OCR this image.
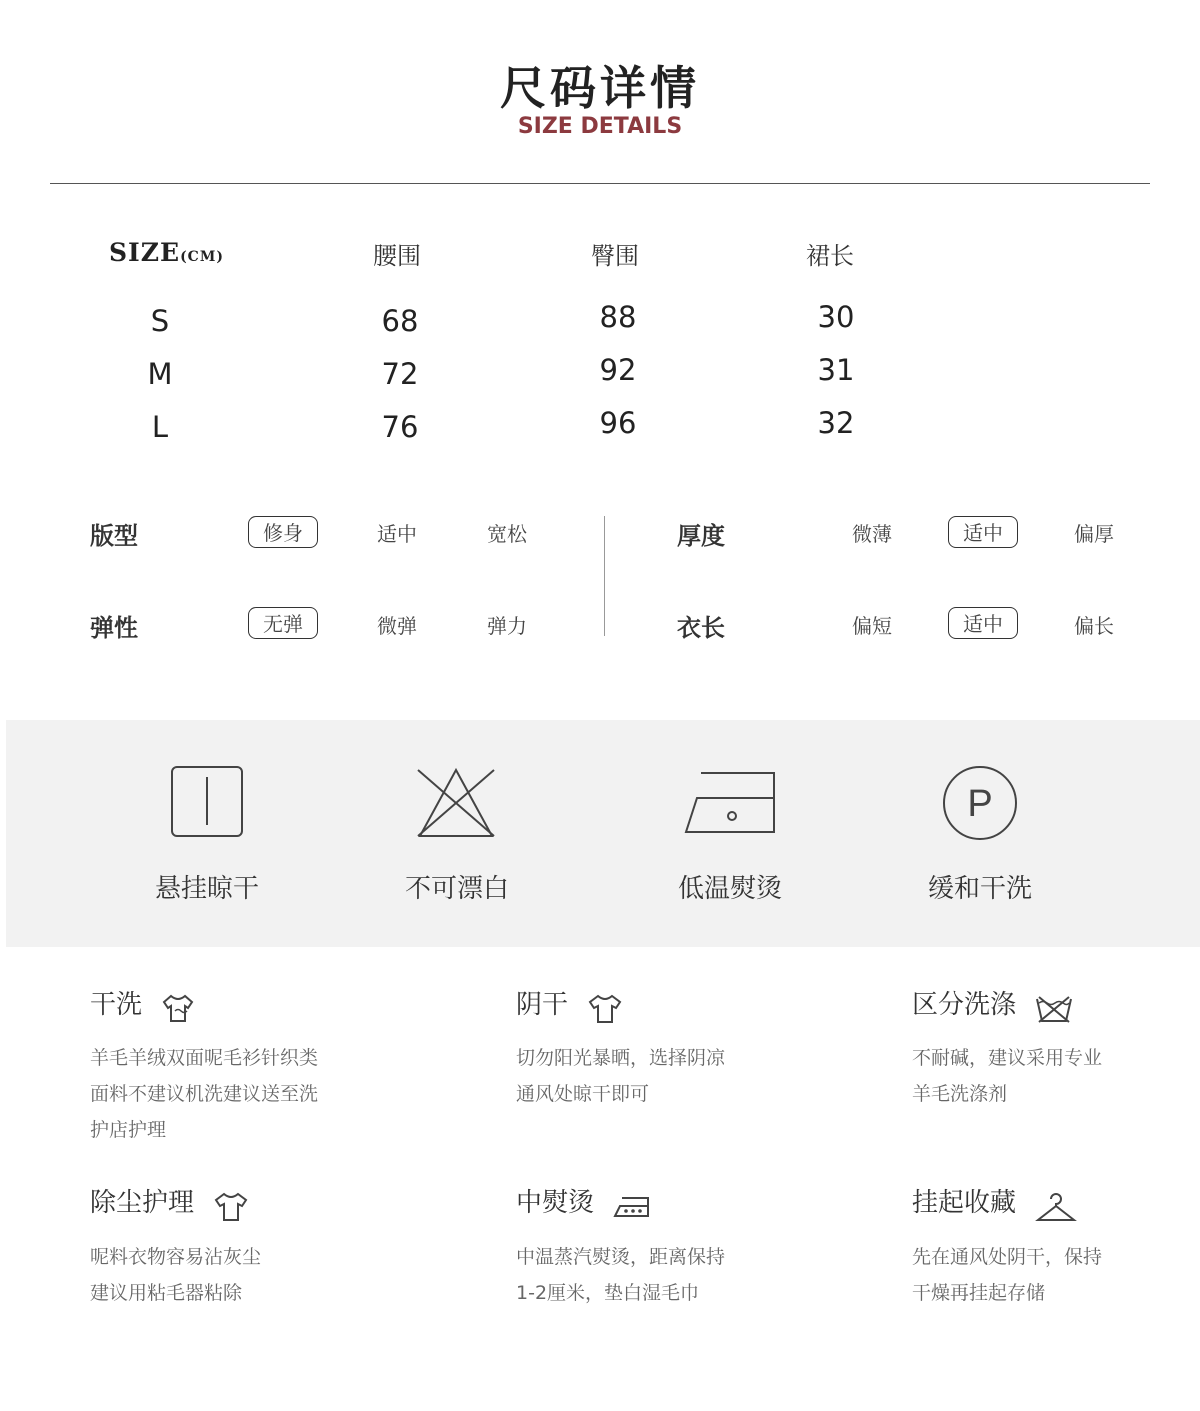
尺码详情
SIZE DETAILS
SIZE(CM)	腰围	臀围	裙长
S	68	88	30
M	72	92	31
L	76	96	32
版型	修身	适中	宽松
弹性	无弹	微弹	弹力
厚度	微薄	适中	偏厚
衣长	偏短	适中	偏长
悬挂晾干	不可漂白	低温熨烫
P
缓和干洗
干洗
羊毛羊绒双面呢毛衫针织类
面料不建议机洗建议送至洗
护店护理
阴干
切勿阳光暴晒，选择阴凉
通风处晾干即可
区分洗涤
不耐碱，建议采用专业
羊毛洗涤剂
除尘护理
呢料衣物容易沾灰尘
建议用粘毛器粘除
中熨烫
中温蒸汽熨烫，距离保持
1-2厘米，垫白湿毛巾
挂起收藏
先在通风处阴干，保持
干燥再挂起存储
